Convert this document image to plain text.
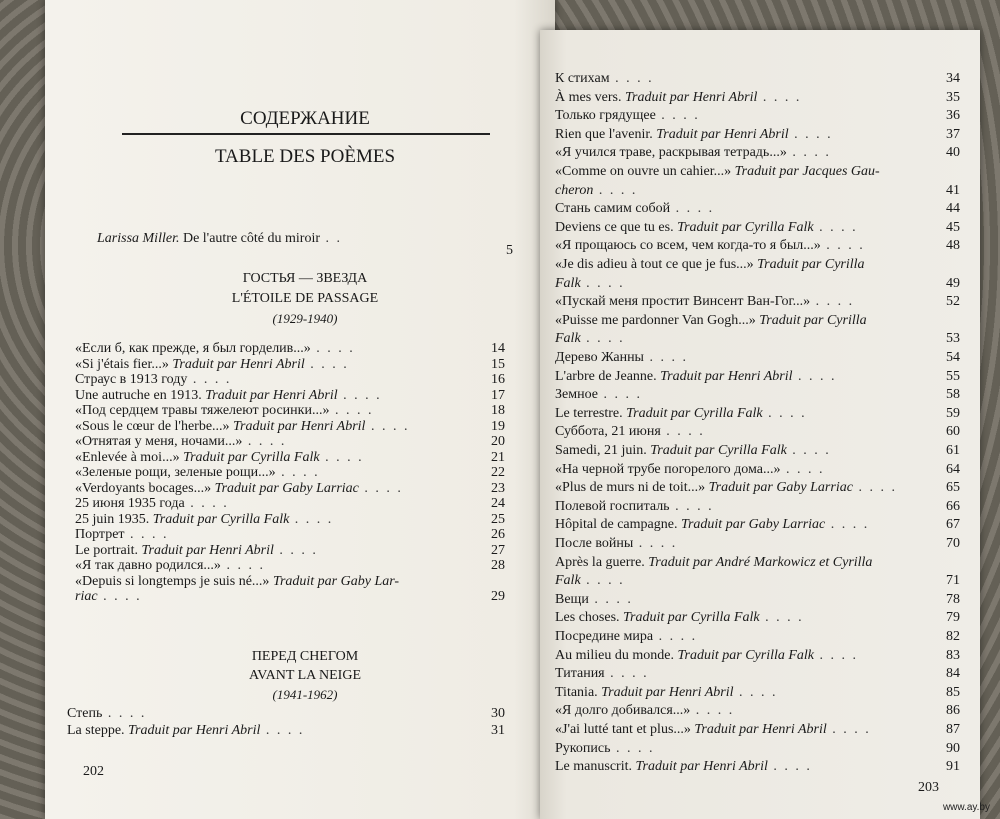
СОДЕРЖАНИЕ
TABLE DES POÈMES
Larissa Miller. De l'autre côté du miroir . .
5
ГОСТЬЯ — ЗВЕЗДА
L'ÉTOILE DE PASSAGE
(1929-1940)
«Если б, как прежде, я был горделив...» . . . .	14
«Si j'étais fier...» Traduit par Henri Abril . . . .	15
Страус в 1913 году . . . .	16
Une autruche en 1913. Traduit par Henri Abril . . . .	17
«Под сердцем травы тяжелеют росинки...» . . . .	18
«Sous le cœur de l'herbe...» Traduit par Henri Abril . . . .	19
«Отнятая у меня, ночами...» . . . .	20
«Enlevée à moi...» Traduit par Cyrilla Falk . . . .	21
«Зеленые рощи, зеленые рощи...» . . . .	22
«Verdoyants bocages...» Traduit par Gaby Larriac . . . .	23
25 июня 1935 года . . . .	24
25 juin 1935. Traduit par Cyrilla Falk . . . .	25
Портрет . . . .	26
Le portrait. Traduit par Henri Abril . . . .	27
«Я так давно родился...» . . . .	28
«Depuis si longtemps je suis né...» Traduit par Gaby Lar-
riac . . . .	29
ПЕРЕД СНЕГОМ
AVANT LA NEIGE
(1941-1962)
Степь . . . .	30
La steppe. Traduit par Henri Abril . . . .	31
202
К стихам . . . .	34
À mes vers. Traduit par Henri Abril . . . .	35
Только грядущее . . . .	36
Rien que l'avenir. Traduit par Henri Abril . . . .	37
«Я учился траве, раскрывая тетрадь...» . . . .	40
«Comme on ouvre un cahier...» Traduit par Jacques Gau-
cheron . . . .	41
Стань самим собой . . . .	44
Deviens ce que tu es. Traduit par Cyrilla Falk . . . .	45
«Я прощаюсь со всем, чем когда-то я был...» . . . .	48
«Je dis adieu à tout ce que je fus...» Traduit par Cyrilla
Falk . . . .	49
«Пускай меня простит Винсент Ван-Гог...» . . . .	52
«Puisse me pardonner Van Gogh...» Traduit par Cyrilla
Falk . . . .	53
Дерево Жанны . . . .	54
L'arbre de Jeanne. Traduit par Henri Abril . . . .	55
Земное . . . .	58
Le terrestre. Traduit par Cyrilla Falk . . . .	59
Суббота, 21 июня . . . .	60
Samedi, 21 juin. Traduit par Cyrilla Falk . . . .	61
«На черной трубе погорелого дома...» . . . .	64
«Plus de murs ni de toit...» Traduit par Gaby Larriac . . . .	65
Полевой госпиталь . . . .	66
Hôpital de campagne. Traduit par Gaby Larriac . . . .	67
После войны . . . .	70
Après la guerre. Traduit par André Markowicz et Cyrilla
Falk . . . .	71
Вещи . . . .	78
Les choses. Traduit par Cyrilla Falk . . . .	79
Посредине мира . . . .	82
Au milieu du monde. Traduit par Cyrilla Falk . . . .	83
Титания . . . .	84
Titania. Traduit par Henri Abril . . . .	85
«Я долго добивался...» . . . .	86
«J'ai lutté tant et plus...» Traduit par Henri Abril . . . .	87
Рукопись . . . .	90
Le manuscrit. Traduit par Henri Abril . . . .	91
203
www.ay.by
